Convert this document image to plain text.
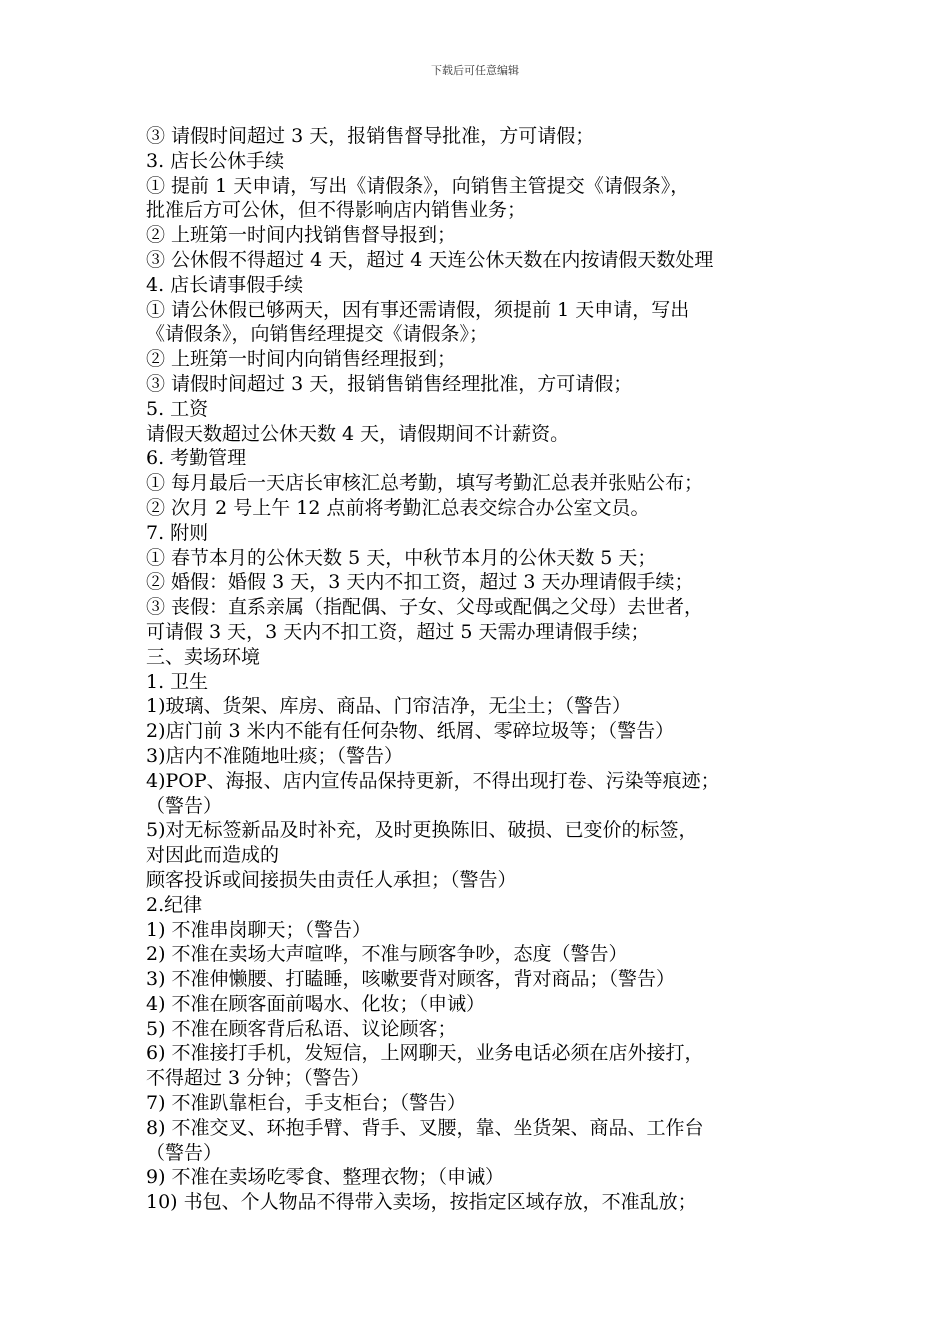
下载后可任意编辑
③ 请假时间超过 3 天，报销售督导批准，方可请假；
3. 店长公休手续
① 提前 1 天申请，写出《请假条》，向销售主管提交《请假条》，
批准后方可公休，但不得影响店内销售业务；
② 上班第一时间内找销售督导报到；
③ 公休假不得超过 4 天，超过 4 天连公休天数在内按请假天数处理
4. 店长请事假手续
① 请公休假已够两天，因有事还需请假，须提前 1 天申请，写出
《请假条》，向销售经理提交《请假条》；
② 上班第一时间内向销售经理报到；
③ 请假时间超过 3 天，报销售销售经理批准，方可请假；
5. 工资
请假天数超过公休天数 4 天，请假期间不计薪资。
6. 考勤管理
① 每月最后一天店长审核汇总考勤，填写考勤汇总表并张贴公布；
② 次月 2 号上午 12 点前将考勤汇总表交综合办公室文员。
7. 附则
① 春节本月的公休天数 5 天，中秋节本月的公休天数 5 天；
② 婚假：婚假 3 天，3 天内不扣工资，超过 3 天办理请假手续；
③ 丧假：直系亲属（指配偶、子女、父母或配偶之父母）去世者，
可请假 3 天，3 天内不扣工资，超过 5 天需办理请假手续；
三、卖场环境
1. 卫生
1)玻璃、货架、库房、商品、门帘洁净，无尘土；（警告）
2)店门前 3 米内不能有任何杂物、纸屑、零碎垃圾等；（警告）
3)店内不准随地吐痰；（警告）
4)POP、海报、店内宣传品保持更新，不得出现打卷、污染等痕迹；
（警告）
5)对无标签新品及时补充，及时更换陈旧、破损、已变价的标签，
对因此而造成的
顾客投诉或间接损失由责任人承担；（警告）
2.纪律
1) 不准串岗聊天；（警告）
2) 不准在卖场大声喧哗，不准与顾客争吵，态度（警告）
3) 不准伸懒腰、打瞌睡，咳嗽要背对顾客，背对商品；（警告）
4) 不准在顾客面前喝水、化妆；（申诫）
5) 不准在顾客背后私语、议论顾客；
6) 不准接打手机，发短信，上网聊天，业务电话必须在店外接打，
不得超过 3 分钟；（警告）
7) 不准趴靠柜台，手支柜台；（警告）
8) 不准交叉、环抱手臂、背手、叉腰，靠、坐货架、商品、工作台
（警告）
9) 不准在卖场吃零食、整理衣物；（申诫）
10) 书包、个人物品不得带入卖场，按指定区域存放，不准乱放；
